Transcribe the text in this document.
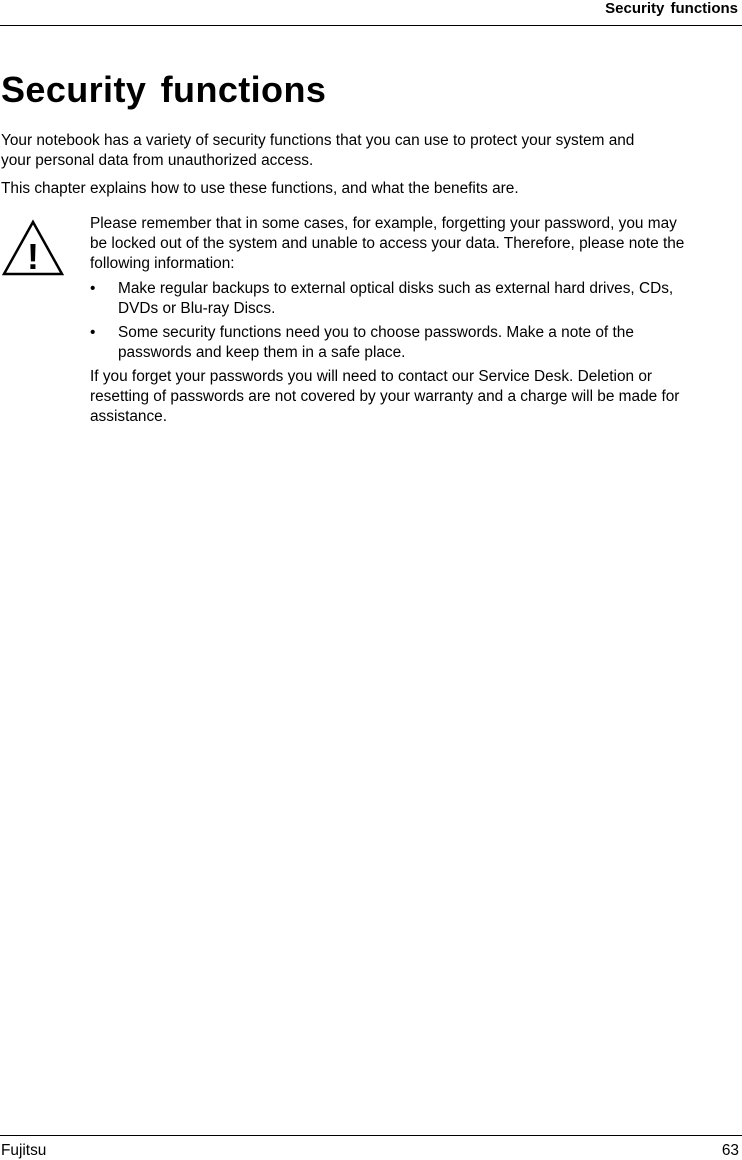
Security functions
Security functions

Your notebook has a variety of security functions that you can use to protect your system and your personal data from unauthorized access.

This chapter explains how to use these functions, and what the benefits are.

!

Please remember that in some cases, for example, forgetting your password, you may be locked out of the system and unable to access your data. Therefore, please note the following information:

• Make regular backups to external optical disks such as external hard drives, CDs, DVDs or Blu-ray Discs.
• Some security functions need you to choose passwords. Make a note of the passwords and keep them in a safe place.

If you forget your passwords you will need to contact our Service Desk. Deletion or resetting of passwords are not covered by your warranty and a charge will be made for assistance.

Fujitsu	63
